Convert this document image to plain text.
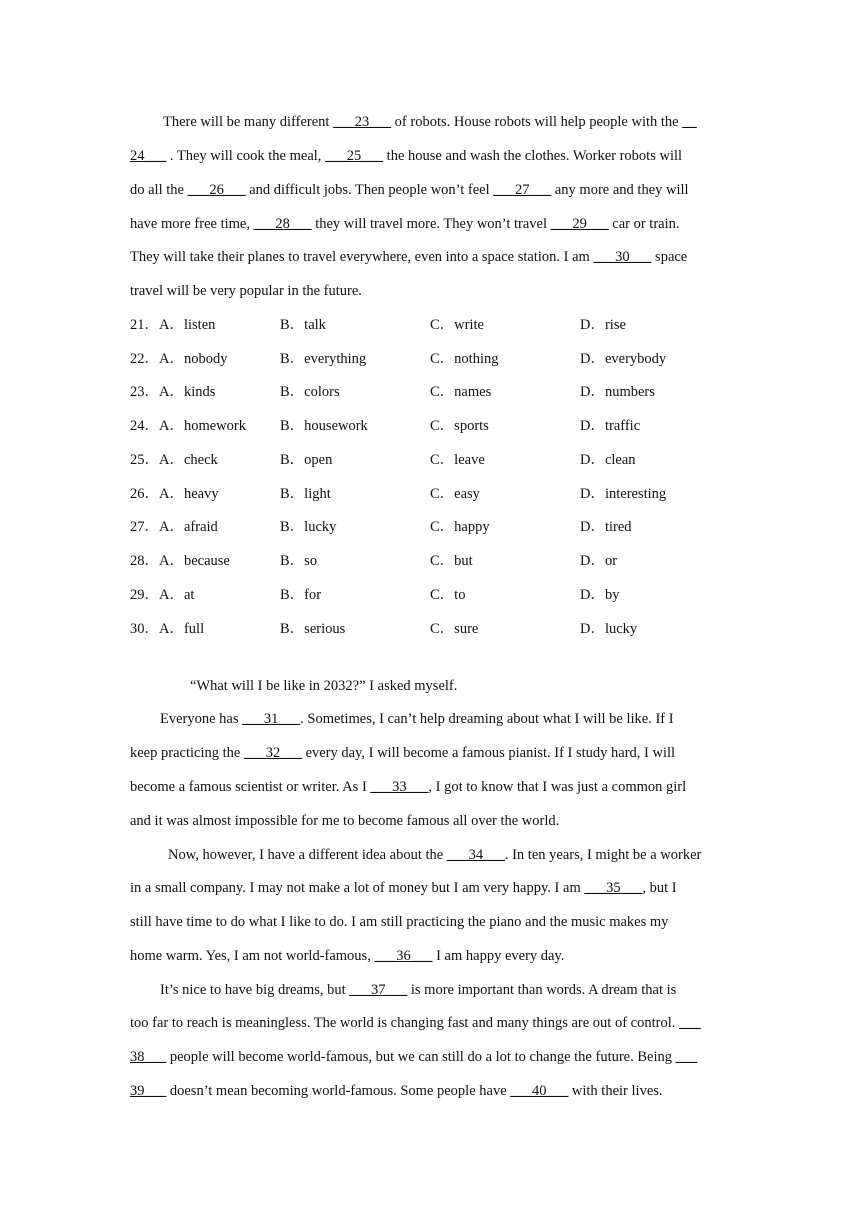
There will be many different ___23___ of robots. House robots will help people with the __
24___ . They will cook the meal, ___25___ the house and wash the clothes. Worker robots will
do all the ___26___ and difficult jobs. Then people won’t feel ___27___ any more and they will
have more free time, ___28___ they will travel more. They won’t travel ___29___ car or train.
They will take their planes to travel everywhere, even into a space station. I am ___30___ space
travel will be very popular in the future.
21．A．listen	B．talk	C．write	D．rise
22．A．nobody	B．everything	C．nothing	D．everybody
23．A．kinds	B．colors	C．names	D．numbers
24．A．homework B．housework	C．sports	D．traffic
25．A．check	B．open	C．leave	D．clean
26．A．heavy	B．light	C．easy	D．interesting
27．A．afraid	B．lucky	C．happy	D．tired
28．A．because	B．so	C．but	D．or
29．A．at	B．for	C．to	D．by
30．A．full	B．serious	C．sure	D．lucky
“What will I be like in 2032?” I asked myself.
Everyone has ___31___. Sometimes, I can’t help dreaming about what I will be like. If I
keep practicing the ___32___ every day, I will become a famous pianist. If I study hard, I will
become a famous scientist or writer. As I ___33___, I got to know that I was just a common girl
and it was almost impossible for me to become famous all over the world.
Now, however, I have a different idea about the ___34___. In ten years, I might be a worker
in a small company. I may not make a lot of money but I am very happy. I am ___35___, but I
still have time to do what I like to do. I am still practicing the piano and the music makes my
home warm. Yes, I am not world-famous, ___36___ I am happy every day.
It’s nice to have big dreams, but ___37___ is more important than words. A dream that is
too far to reach is meaningless. The world is changing fast and many things are out of control. ___
38___ people will become world-famous, but we can still do a lot to change the future. Being ___
39___ doesn’t mean becoming world-famous. Some people have ___40___ with their lives.
